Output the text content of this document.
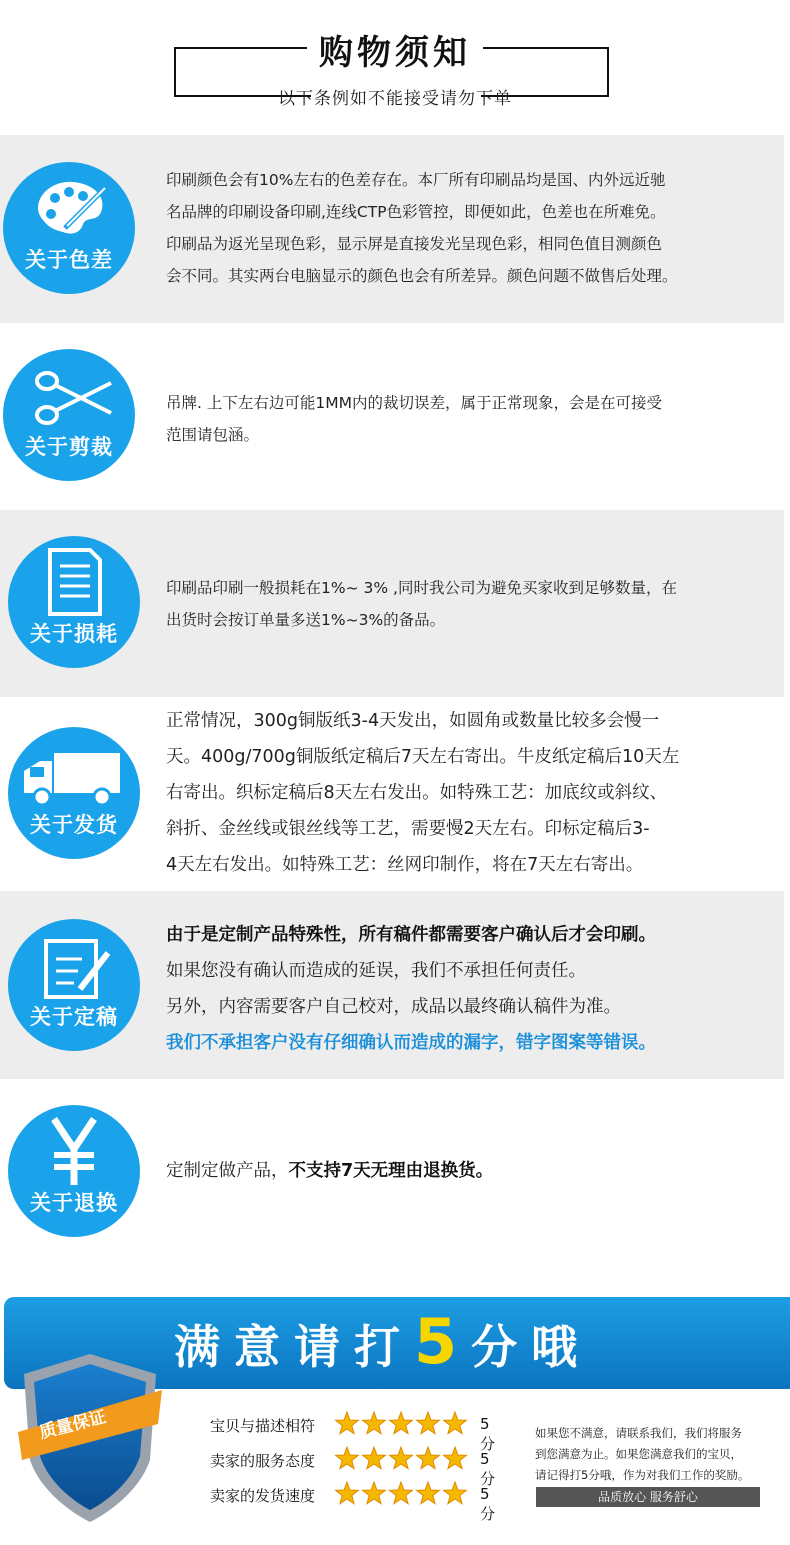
购物须知
以下条例如不能接受请勿下单
关于色差

印刷颜色会有10%左右的色差存在。本厂所有印刷品均是国、内外远近驰

名品牌的印刷设备印刷,连线CTP色彩管控，即便如此，色差也在所难免。

印刷品为返光呈现色彩，显示屏是直接发光呈现色彩，相同色值目测颜色

会不同。其实两台电脑显示的颜色也会有所差异。颜色问题不做售后处理。

关于剪裁

吊牌. 上下左右边可能1MM内的裁切误差，属于正常现象，会是在可接受

范围请包涵。

关于损耗

印刷品印刷一般损耗在1%~ 3% ,同时我公司为避免买家收到足够数量，在

出货时会按订单量多送1%~3%的备品。

关于发货

正常情况，300g铜版纸3-4天发出，如圆角或数量比较多会慢一

天。400g/700g铜版纸定稿后7天左右寄出。牛皮纸定稿后10天左

右寄出。织标定稿后8天左右发出。如特殊工艺：加底纹或斜纹、

斜折、金丝线或银丝线等工艺，需要慢2天左右。印标定稿后3-

4天左右发出。如特殊工艺：丝网印制作，将在7天左右寄出。

关于定稿

由于是定制产品特殊性，所有稿件都需要客户确认后才会印刷。

如果您没有确认而造成的延误，我们不承担任何责任。

另外，内容需要客户自己校对，成品以最终确认稿件为准。

我们不承担客户没有仔细确认而造成的漏字，错字图案等错误。

关于退换

定制定做产品，不支持7天无理由退换货。

满意请打5分哦
质量保证	宝贝与描述相符	5分
卖家的服务态度	5分
卖家的发货速度	5分
如果您不满意，请联系我们，我们将服务
到您满意为止。如果您满意我们的宝贝，
请记得打5分哦，作为对我们工作的奖励。
品质放心 服务舒心
